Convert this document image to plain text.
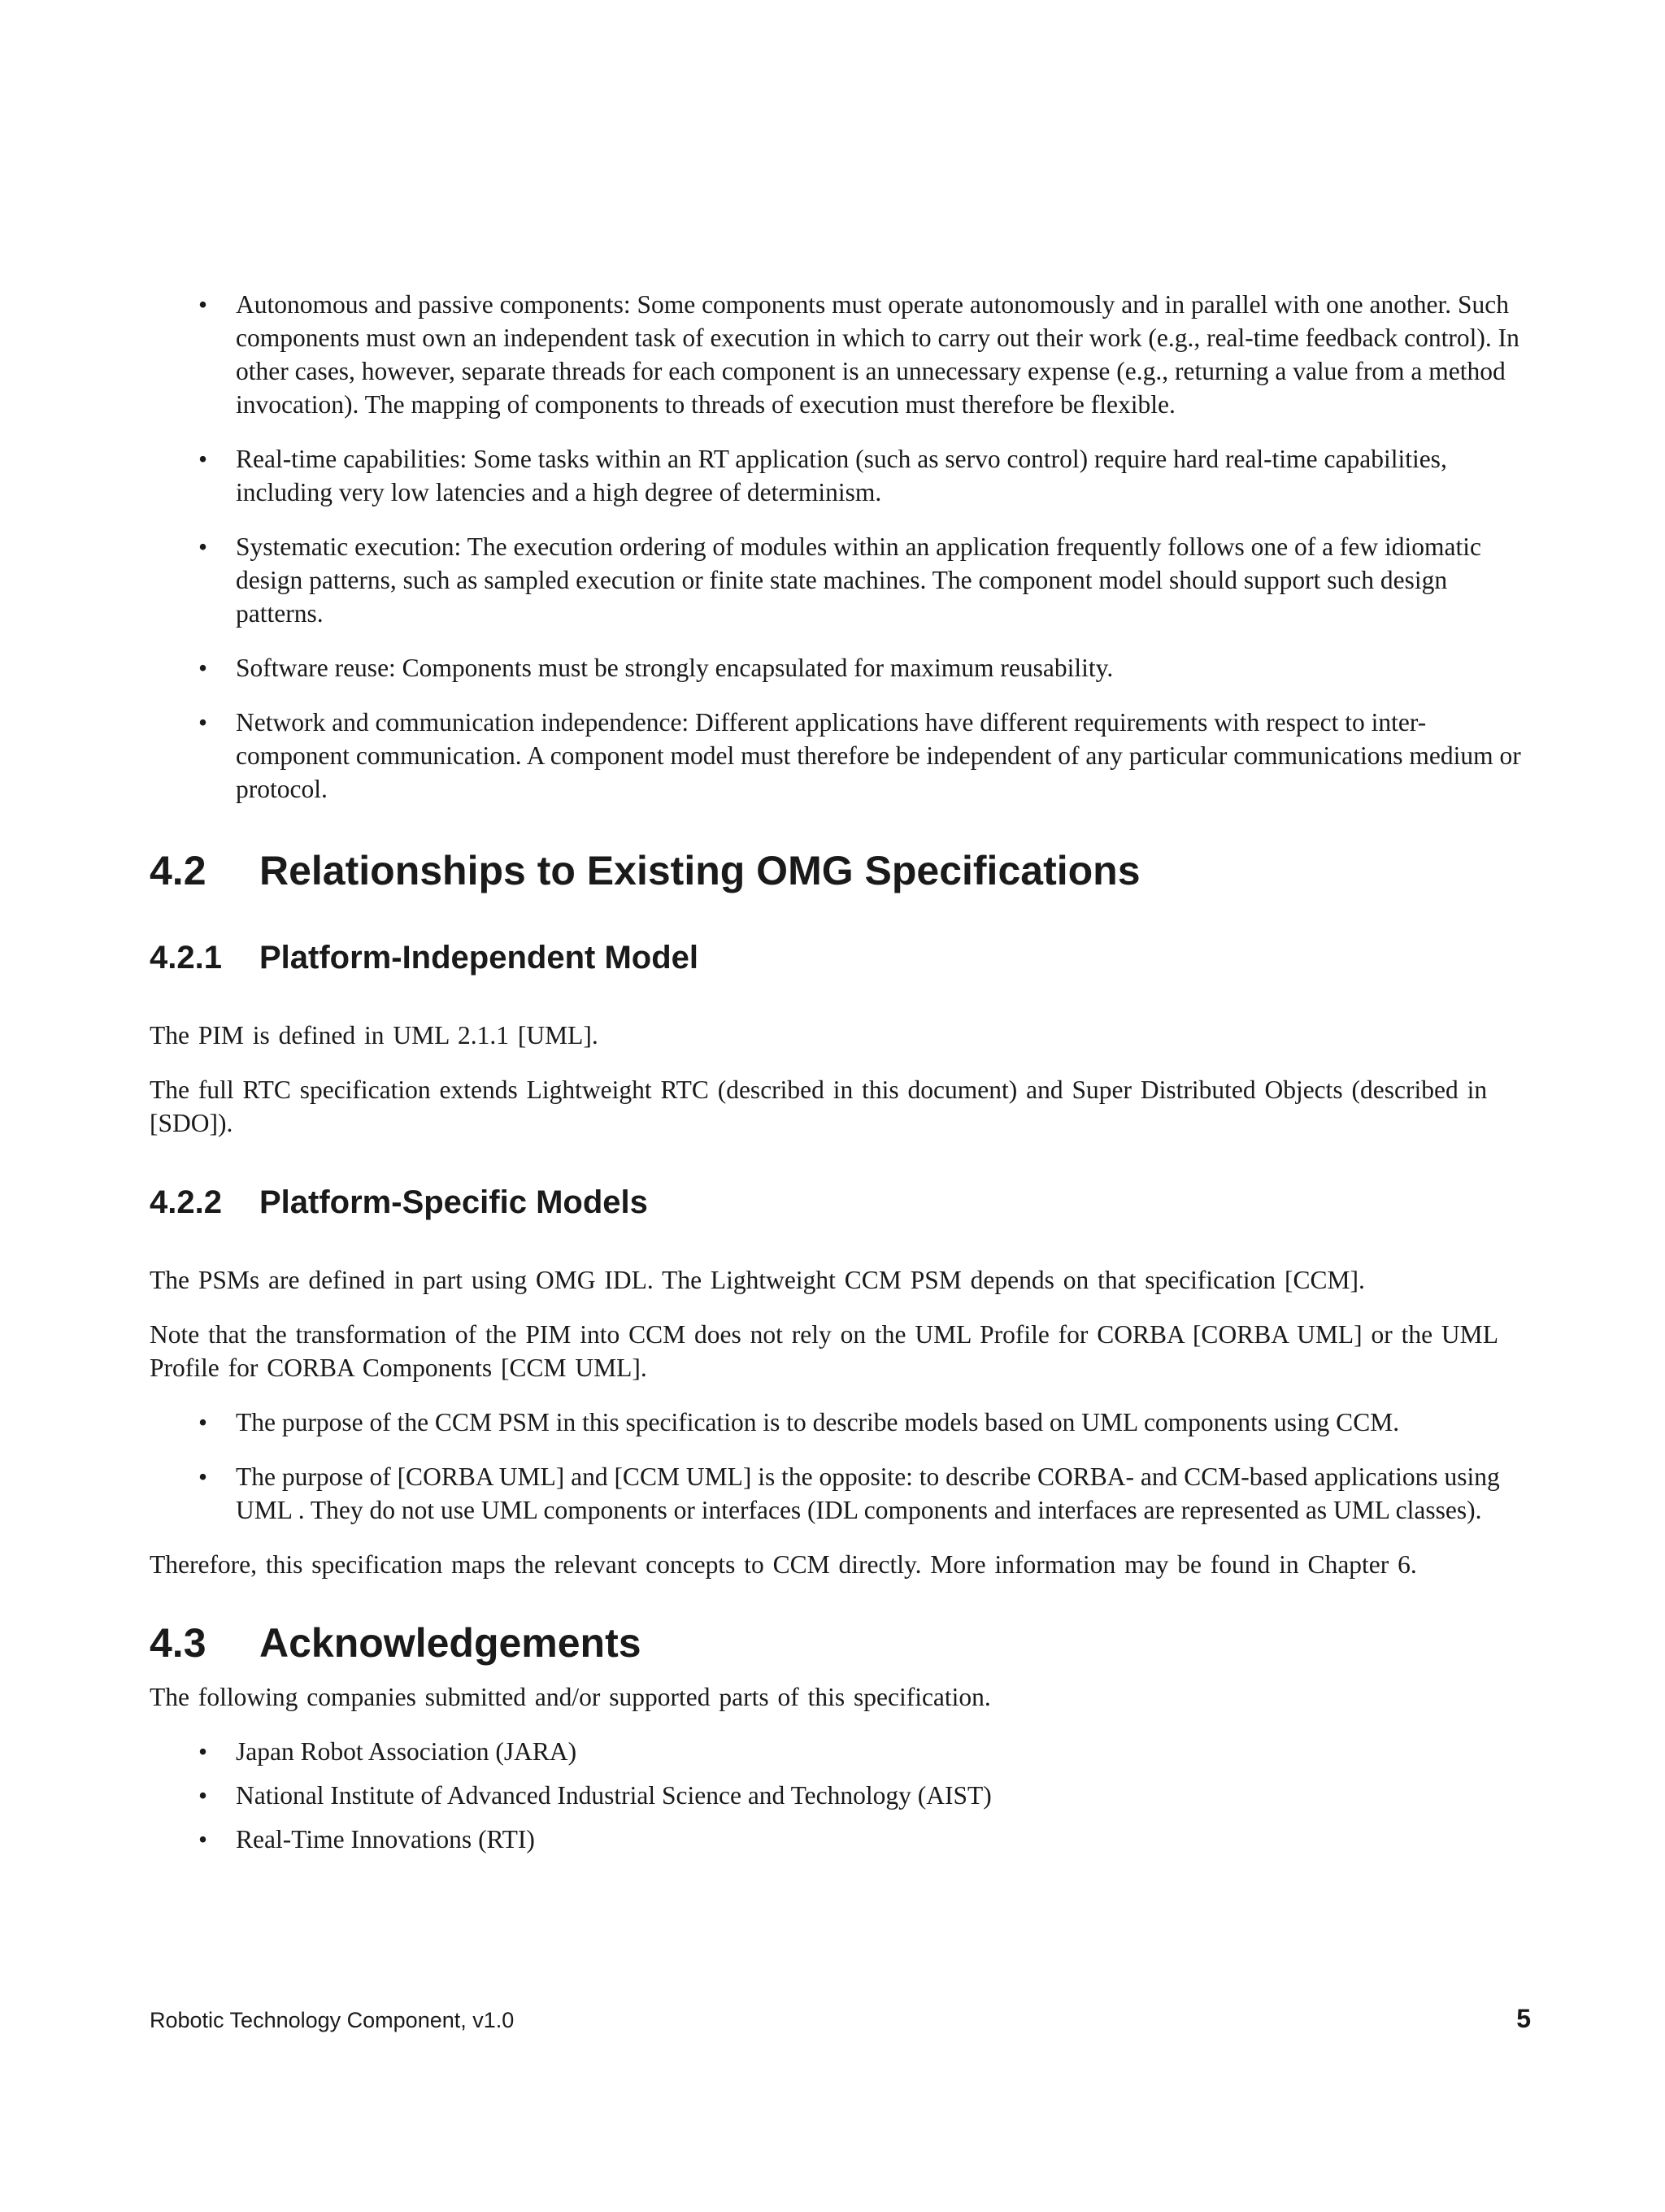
• Autonomous and passive components: Some components must operate autonomously and in parallel with one another. Such components must own an independent task of execution in which to carry out their work (e.g., real-time feedback control). In other cases, however, separate threads for each component is an unnecessary expense (e.g., returning a value from a method invocation). The mapping of components to threads of execution must therefore be flexible.
• Real-time capabilities: Some tasks within an RT application (such as servo control) require hard real-time capabilities, including very low latencies and a high degree of determinism.
• Systematic execution: The execution ordering of modules within an application frequently follows one of a few idiomatic design patterns, such as sampled execution or finite state machines. The component model should support such design patterns.
• Software reuse: Components must be strongly encapsulated for maximum reusability.
• Network and communication independence: Different applications have different requirements with respect to inter-component communication. A component model must therefore be independent of any particular communications medium or protocol.
4.2	Relationships to Existing OMG Specifications
4.2.1	Platform-Independent Model

The PIM is defined in UML 2.1.1 [UML].

The full RTC specification extends Lightweight RTC (described in this document) and Super Distributed Objects (described in [SDO]).

4.2.2	Platform-Specific Models

The PSMs are defined in part using OMG IDL. The Lightweight CCM PSM depends on that specification [CCM].

Note that the transformation of the PIM into CCM does not rely on the UML Profile for CORBA [CORBA UML] or the UML Profile for CORBA Components [CCM UML].

• The purpose of the CCM PSM in this specification is to describe models based on UML components using CCM.
• The purpose of [CORBA UML] and [CCM UML] is the opposite: to describe CORBA- and CCM-based applications using UML . They do not use UML components or interfaces (IDL components and interfaces are represented as UML classes).

Therefore, this specification maps the relevant concepts to CCM directly. More information may be found in Chapter 6.

4.3	Acknowledgements

The following companies submitted and/or supported parts of this specification.

• Japan Robot Association (JARA)
• National Institute of Advanced Industrial Science and Technology (AIST)
• Real-Time Innovations (RTI)
Robotic Technology Component, v1.0	5
